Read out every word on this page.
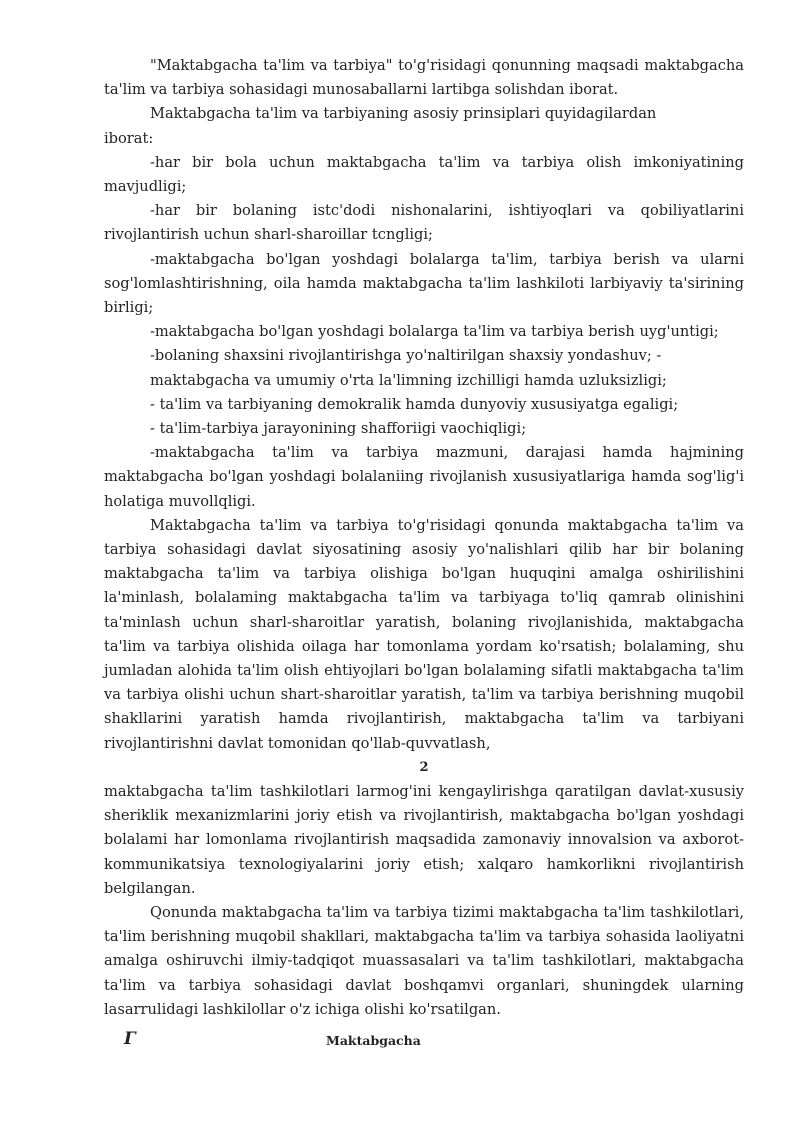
"Maktabgacha ta'lim va tarbiya" to'g'risidagi qonunning maqsadi maktabgacha ta'lim va tarbiya sohasidagi munosaballarni lartibga solishdan iborat.

Maktabgacha ta'lim va tarbiyaning asosiy prinsiplari quyidagilardan

iborat:

-har bir bola uchun maktabgacha ta'lim va tarbiya olish imkoniyatining mavjudligi;

-har bir bolaning istc'dodi nishonalarini, ishtiyoqlari va qobiliyatlarini rivojlantirish uchun sharl-sharoillar tcngligi;

-maktabgacha bo'lgan yoshdagi bolalarga ta'lim, tarbiya berish va ularni sog'lomlashtirishning, oila hamda maktabgacha ta'lim lashkiloti larbiyaviy ta'sirining birligi;

-maktabgacha bo'lgan yoshdagi bolalarga ta'lim va tarbiya berish uyg'untigi;

-bolaning shaxsini rivojlantirishga yo'naltirilgan shaxsiy yondashuv; -maktabgacha va umumiy o'rta la'limning izchilligi hamda uzluksizligi;

- ta'lim va tarbiyaning demokralik hamda dunyoviy xususiyatga egaligi;

- ta'lim-tarbiya jarayonining shafforiigi vaochiqligi;

-maktabgacha ta'lim va tarbiya mazmuni, darajasi hamda hajmining maktabgacha bo'lgan yoshdagi bolalaniing rivojlanish xususiyatlariga hamda sog'lig'i holatiga muvollqligi.

Maktabgacha ta'lim va tarbiya to'g'risidagi qonunda maktabgacha ta'lim va tarbiya sohasidagi davlat siyosatining asosiy yo'nalishlari qilib har bir bolaning maktabgacha ta'lim va tarbiya olishiga bo'lgan huquqini amalga oshirilishini la'minlash, bolalaming maktabgacha ta'lim va tarbiyaga to'liq qamrab olinishini ta'minlash uchun sharl-sharoitlar yaratish, bolaning rivojlanishida, maktabgacha ta'lim va tarbiya olishida oilaga har tomonlama yordam ko'rsatish; bolalaming, shu jumladan alohida ta'lim olish ehtiyojlari bo'lgan bolalaming sifatli maktabgacha ta'lim va tarbiya olishi uchun shart-sharoitlar yaratish, ta'lim va tarbiya berishning muqobil shakllarini yaratish hamda rivojlantirish, maktabgacha ta'lim va tarbiyani rivojlantirishni davlat tomonidan qo'llab-quvvatlash,

2

maktabgacha ta'lim tashkilotlari larmog'ini kengaylirishga qaratilgan davlat-xususiy sheriklik mexanizmlarini joriy etish va rivojlantirish, maktabgacha bo'lgan yoshdagi bolalami har lomonlama rivojlantirish maqsadida zamonaviy innovalsion va axborot-kommunikatsiya texnologiyalarini joriy etish; xalqaro hamkorlikni rivojlantirish belgilangan.

Qonunda maktabgacha ta'lim va tarbiya tizimi maktabgacha ta'lim tashkilotlari, ta'lim berishning muqobil shakllari, maktabgacha ta'lim va tarbiya sohasida laoliyatni amalga oshiruvchi ilmiy-tadqiqot muassasalari va ta'lim tashkilotlari, maktabgacha ta'lim va tarbiya sohasidagi davlat boshqamvi organlari, shuningdek ularning lasarrulidagi lashkilollar o'z ichiga olishi ko'rsatilgan.

Г	Maktabgacha
